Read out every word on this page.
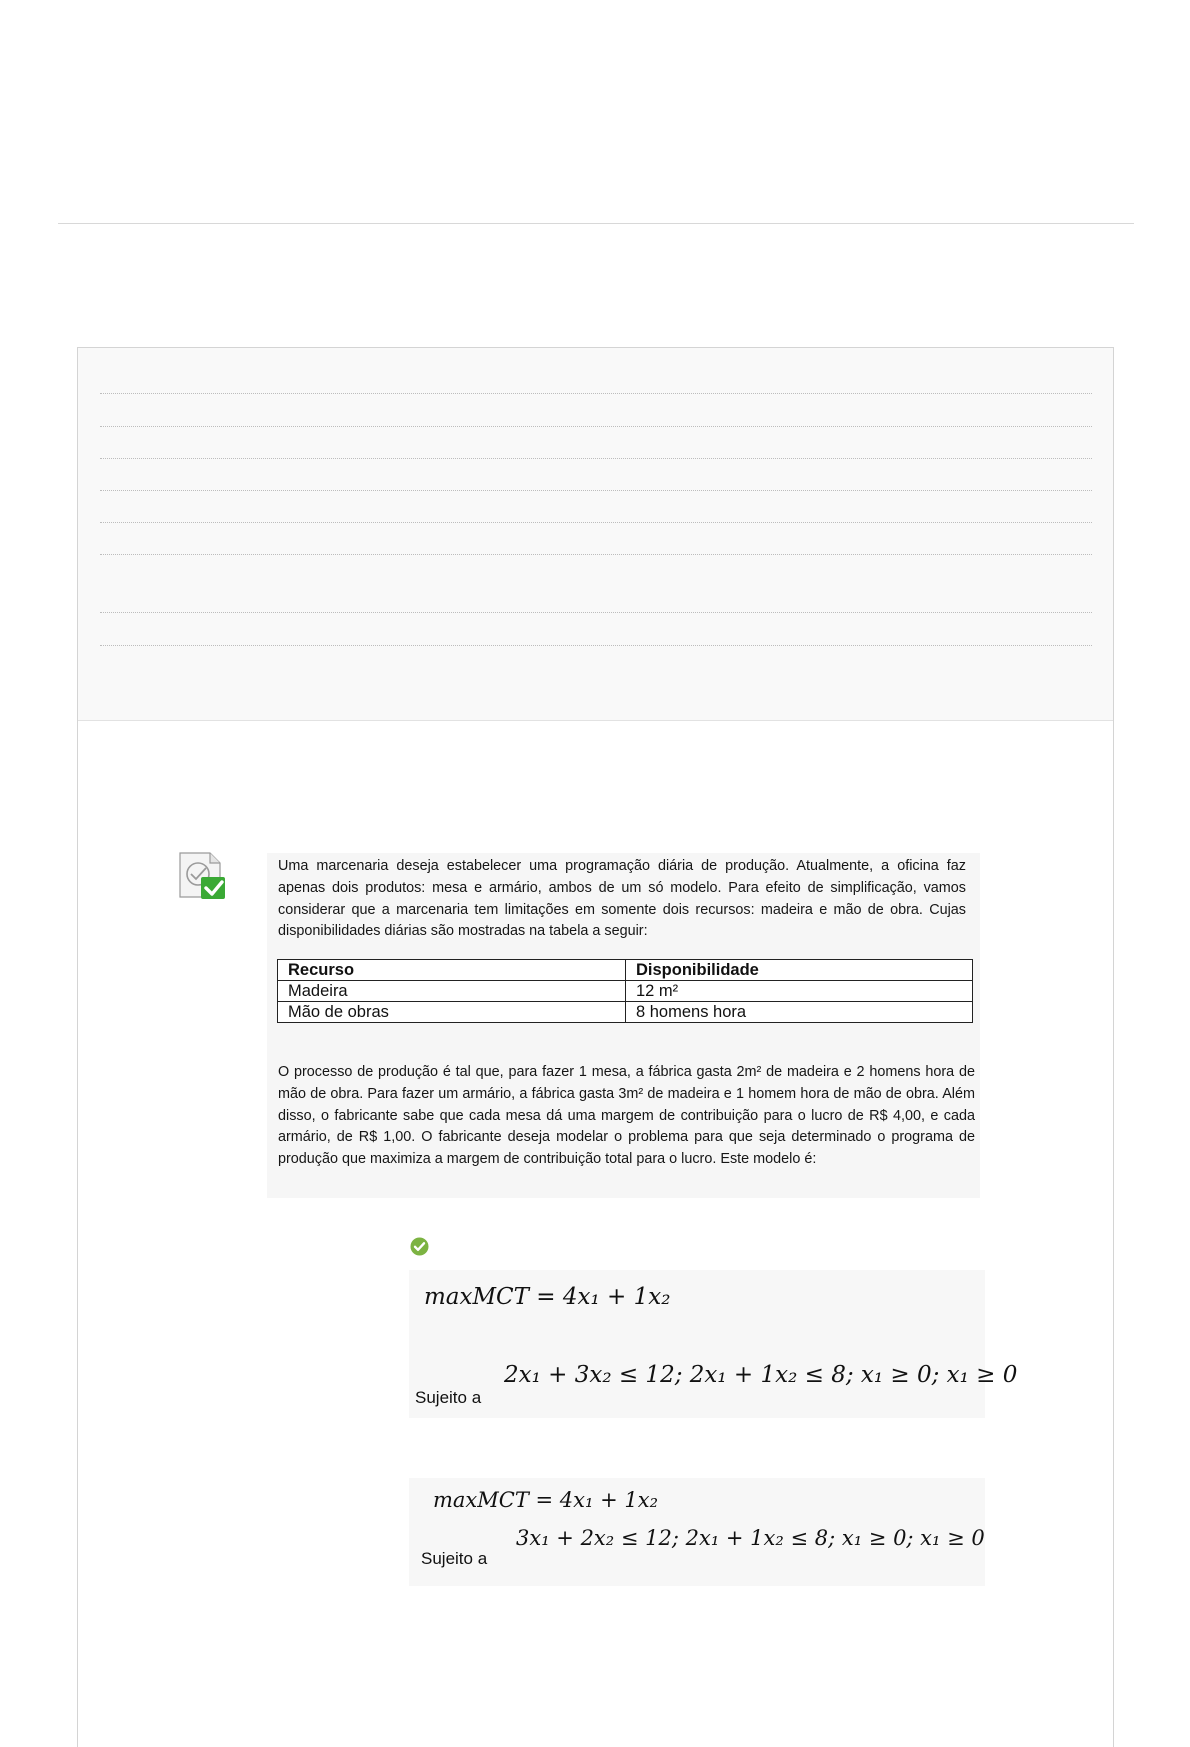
Uma marcenaria deseja estabelecer uma programação diária de produção. Atualmente, a oficina faz apenas dois produtos: mesa e armário, ambos de um só modelo. Para efeito de simplificação, vamos considerar que a marcenaria tem limitações em somente dois recursos: madeira e mão de obra. Cujas disponibilidades diárias são mostradas na tabela a seguir:

Recurso	Disponibilidade
Madeira	12 m²
Mão de obras	8 homens hora

O processo de produção é tal que, para fazer 1 mesa, a fábrica gasta 2m² de madeira e 2 homens hora de mão de obra. Para fazer um armário, a fábrica gasta 3m² de madeira e 1 homem hora de mão de obra. Além disso, o fabricante sabe que cada mesa dá uma margem de contribuição para o lucro de R$ 4,00, e cada armário, de R$ 1,00. O fabricante deseja modelar o problema para que seja determinado o programa de produção que maximiza a margem de contribuição total para o lucro. Este modelo é:

maxMCT = 4x₁ + 1x₂
Sujeito a
2x₁ + 3x₂ ≤ 12; 2x₁ + 1x₂ ≤ 8; x₁ ≥ 0; x₁ ≥ 0
maxMCT = 4x₁ + 1x₂
Sujeito a
3x₁ + 2x₂ ≤ 12; 2x₁ + 1x₂ ≤ 8; x₁ ≥ 0; x₁ ≥ 0
